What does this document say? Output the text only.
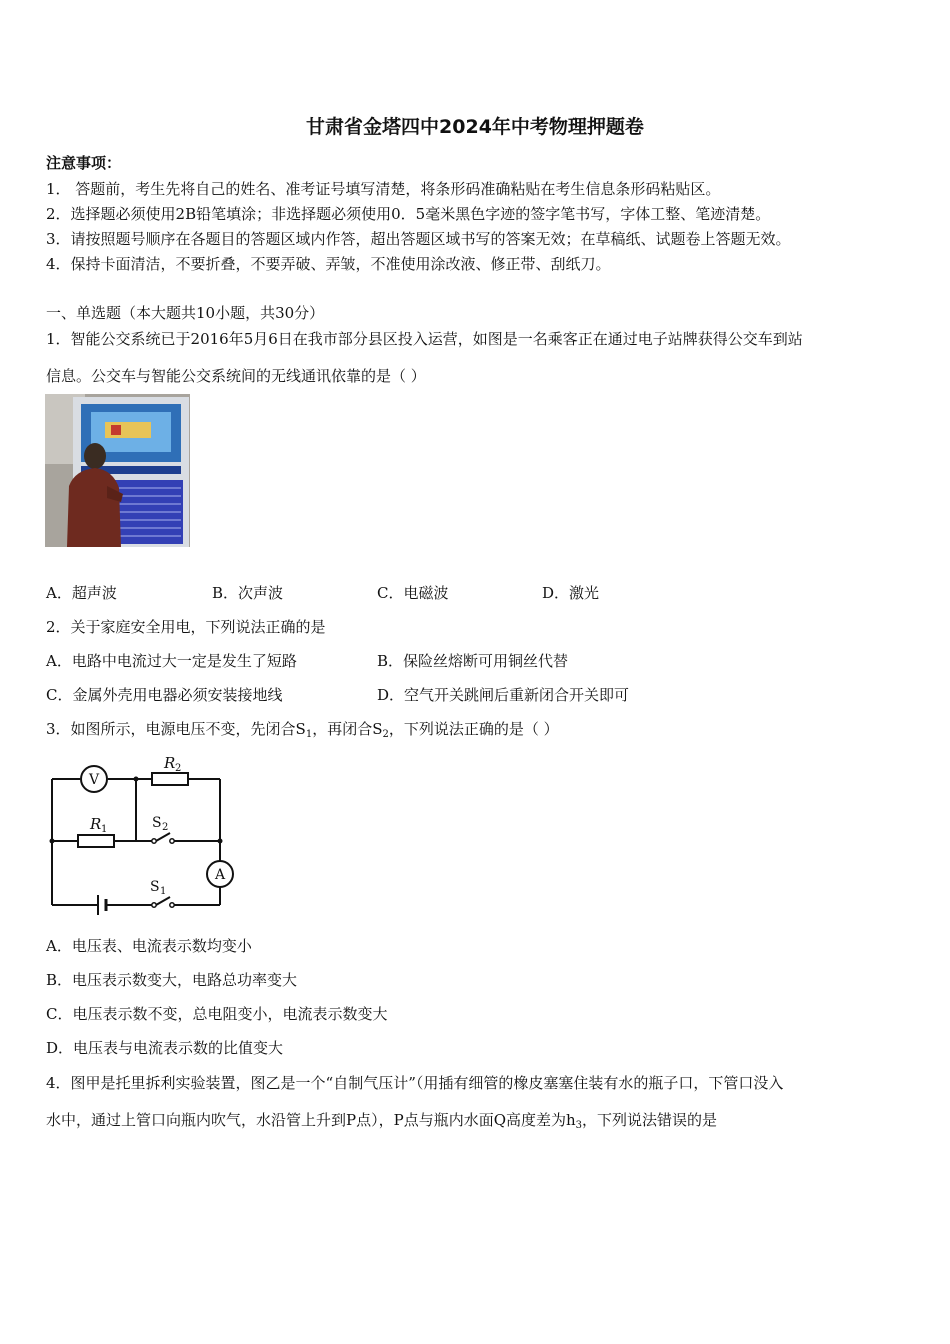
甘肃省金塔四中2024年中考物理押题卷
注意事项：
1． 答题前，考生先将自己的姓名、准考证号填写清楚，将条形码准确粘贴在考生信息条形码粘贴区。
2．选择题必须使用2B铅笔填涂；非选择题必须使用0．5毫米黑色字迹的签字笔书写，字体工整、笔迹清楚。
3．请按照题号顺序在各题目的答题区域内作答，超出答题区域书写的答案无效；在草稿纸、试题卷上答题无效。
4．保持卡面清洁，不要折叠，不要弄破、弄皱，不准使用涂改液、修正带、刮纸刀。
一、单选题（本大题共10小题，共30分）
1．智能公交系统已于2016年5月6日在我市部分县区投入运营，如图是一名乘客正在通过电子站牌获得公交车到站
信息。公交车与智能公交系统间的无线通讯依靠的是（ ）
A．超声波	B．次声波	C．电磁波	D．激光
2．关于家庭安全用电，下列说法正确的是
A．电路中电流过大一定是发生了短路	B．保险丝熔断可用铜丝代替
C．金属外壳用电器必须安装接地线	D．空气开关跳闸后重新闭合开关即可
3．如图所示，电源电压不变，先闭合$S_1$，再闭合$S_2$，下列说法正确的是（ ）
V
A
R 2
R 1	S 2
S 1
A．电压表、电流表示数均变小
B．电压表示数变大，电路总功率变大
C．电压表示数不变，总电阻变小，电流表示数变大
D．电压表与电流表示数的比值变大
4．图甲是托里拆利实验装置，图乙是一个“自制气压计”（用插有细管的橡皮塞塞住装有水的瓶子口，下管口没入
水中，通过上管口向瓶内吹气，水沿管上升到P点），P点与瓶内水面Q高度差为$h_3$，下列说法错误的是
